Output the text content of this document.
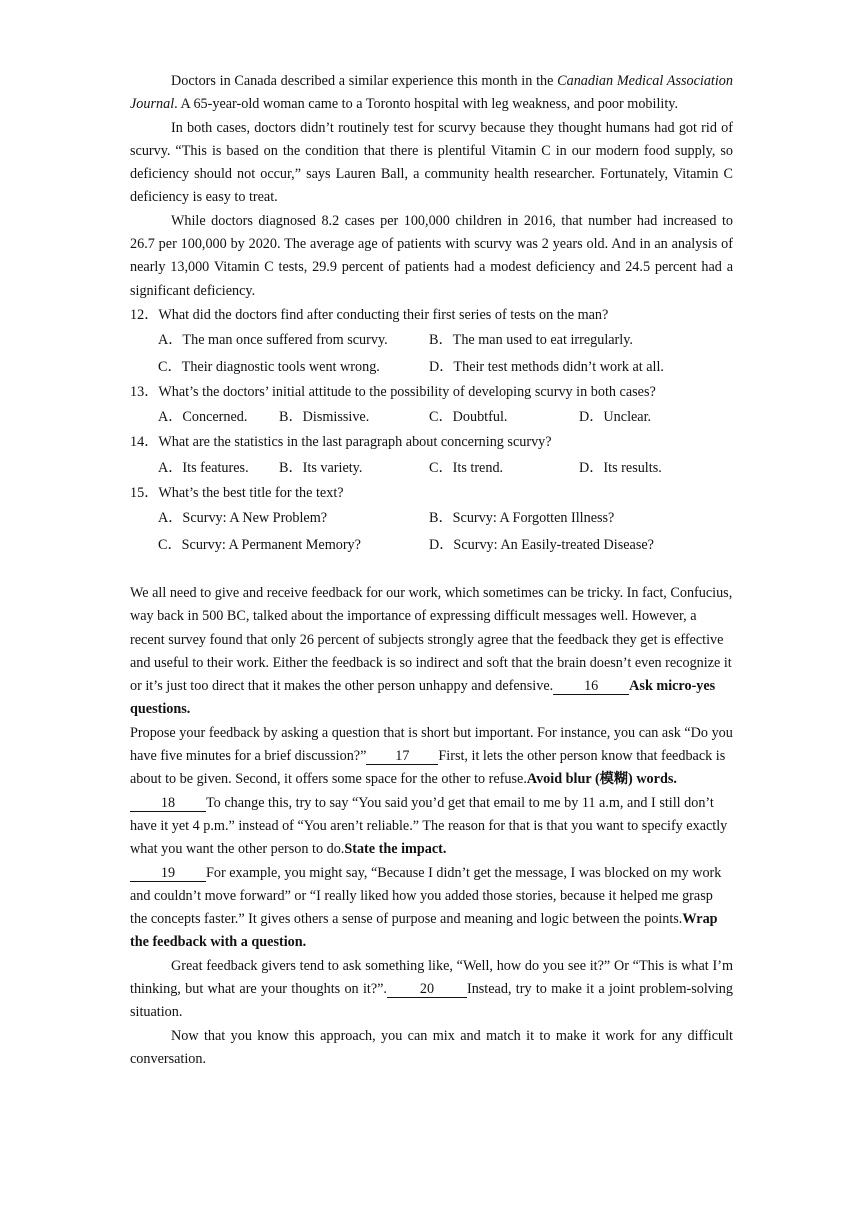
Doctors in Canada described a similar experience this month in the Canadian Medical Association Journal. A 65-year-old woman came to a Toronto hospital with leg weakness, and poor mobility.

In both cases, doctors didn’t routinely test for scurvy because they thought humans had got rid of scurvy. “This is based on the condition that there is plentiful Vitamin C in our modern food supply, so deficiency should not occur,” says Lauren Ball, a community health researcher. Fortunately, Vitamin C deficiency is easy to treat.

While doctors diagnosed 8.2 cases per 100,000 children in 2016, that number had increased to 26.7 per 100,000 by 2020. The average age of patients with scurvy was 2 years old. And in an analysis of nearly 13,000 Vitamin C tests, 29.9 percent of patients had a modest deficiency and 24.5 percent had a significant deficiency.

12．What did the doctors find after conducting their first series of tests on the man?

A．The man once suffered from scurvy.	B．The man used to eat irregularly.
C．Their diagnostic tools went wrong.	D．Their test methods didn’t work at all.

13．What’s the doctors’ initial attitude to the possibility of developing scurvy in both cases?

A．Concerned. B．Dismissive.	C．Doubtful.	D．Unclear.

14．What are the statistics in the last paragraph about concerning scurvy?

A．Its features. B．Its variety.	C．Its trend.	D．Its results.

15．What’s the best title for the text?

A．Scurvy: A New Problem?	B．Scurvy: A Forgotten Illness?
C．Scurvy: A Permanent Memory?	D．Scurvy: An Easily-treated Disease?

We all need to give and receive feedback for our work, which sometimes can be tricky. In fact, Confucius, way back in 500 BC, talked about the importance of expressing difficult messages well. However, a recent survey found that only 26 percent of subjects strongly agree that the feedback they get is effective and useful to their work. Either the feedback is so indirect and soft that the brain doesn’t even recognize it or it’s just too direct that it makes the other person unhappy and defensive. 16 Ask micro-yes questions.

Propose your feedback by asking a question that is short but important. For instance, you can ask “Do you have five minutes for a brief discussion?” 17 First, it lets the other person know that feedback is about to be given. Second, it offers some space for the other to refuse.Avoid blur (模糊) words.

18 To change this, try to say “You said you’d get that email to me by 11 a.m, and I still don’t have it yet 4 p.m.” instead of “You aren’t reliable.” The reason for that is that you want to specify exactly what you want the other person to do.State the impact.

19 For example, you might say, “Because I didn’t get the message, I was blocked on my work and couldn’t move forward” or “I really liked how you added those stories, because it helped me grasp the concepts faster.” It gives others a sense of purpose and meaning and logic between the points.Wrap the feedback with a question.

Great feedback givers tend to ask something like, “Well, how do you see it?” Or “This is what I’m thinking, but what are your thoughts on it?”. 20 Instead, try to make it a joint problem-solving situation.

Now that you know this approach, you can mix and match it to make it work for any difficult conversation.
